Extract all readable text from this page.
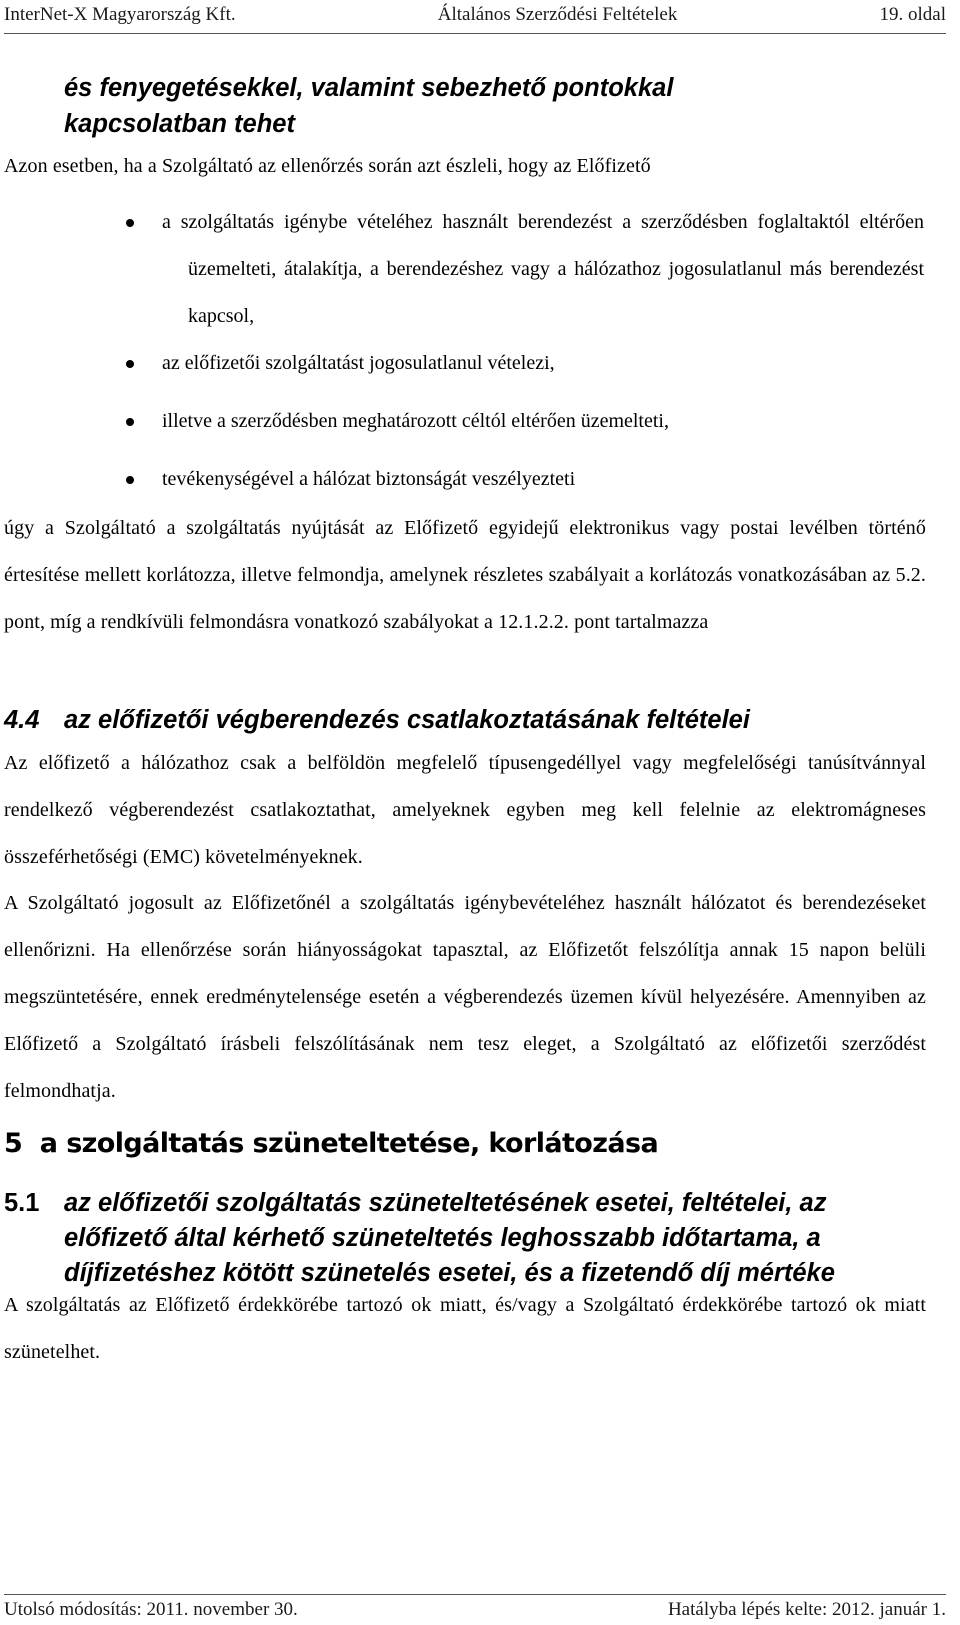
InterNet-X Magyarország Kft.	Általános Szerződési Feltételek	19. oldal
és fenyegetésekkel, valamint sebezhető pontokkal
kapcsolatban tehet
Azon esetben, ha a Szolgáltató az ellenőrzés során azt észleli, hogy az Előfizető
a szolgáltatás igénybe vételéhez használt berendezést a szerződésben foglaltaktól eltérően üzemelteti, átalakítja, a berendezéshez vagy a hálózathoz jogosulatlanul más berendezést kapcsol,
az előfizetői szolgáltatást jogosulatlanul vételezi,
illetve a szerződésben meghatározott céltól eltérően üzemelteti,
tevékenységével a hálózat biztonságát veszélyezteti
úgy a Szolgáltató a szolgáltatás nyújtását az Előfizető egyidejű elektronikus vagy postai levélben történő értesítése mellett korlátozza, illetve felmondja, amelynek részletes szabályait a korlátozás vonatkozásában az 5.2. pont, míg a rendkívüli felmondásra vonatkozó szabályokat a 12.1.2.2. pont tartalmazza
4.4 az előfizetői végberendezés csatlakoztatásának feltételei
Az előfizető a hálózathoz csak a belföldön megfelelő típusengedéllyel vagy megfelelőségi tanúsítvánnyal rendelkező végberendezést csatlakoztathat, amelyeknek egyben meg kell felelnie az elektromágneses összeférhetőségi (EMC) követelményeknek.
A Szolgáltató jogosult az Előfizetőnél a szolgáltatás igénybevételéhez használt hálózatot és berendezéseket ellenőrizni. Ha ellenőrzése során hiányosságokat tapasztal, az Előfizetőt felszólítja annak 15 napon belüli megszüntetésére, ennek eredménytelensége esetén a végberendezés üzemen kívül helyezésére. Amennyiben az Előfizető a Szolgáltató írásbeli felszólításának nem tesz eleget, a Szolgáltató az előfizetői szerződést felmondhatja.
5 a szolgáltatás szüneteltetése, korlátozása
5.1 az előfizetői szolgáltatás szüneteltetésének esetei, feltételei, az előfizető által kérhető szüneteltetés leghosszabb időtartama, a díjfizetéshez kötött szünetelés esetei, és a fizetendő díj mértéke
A szolgáltatás az Előfizető érdekkörébe tartozó ok miatt, és/vagy a Szolgáltató érdekkörébe tartozó ok miatt szünetelhet.
Utolsó módosítás: 2011. november 30.	Hatályba lépés kelte: 2012. január 1.
